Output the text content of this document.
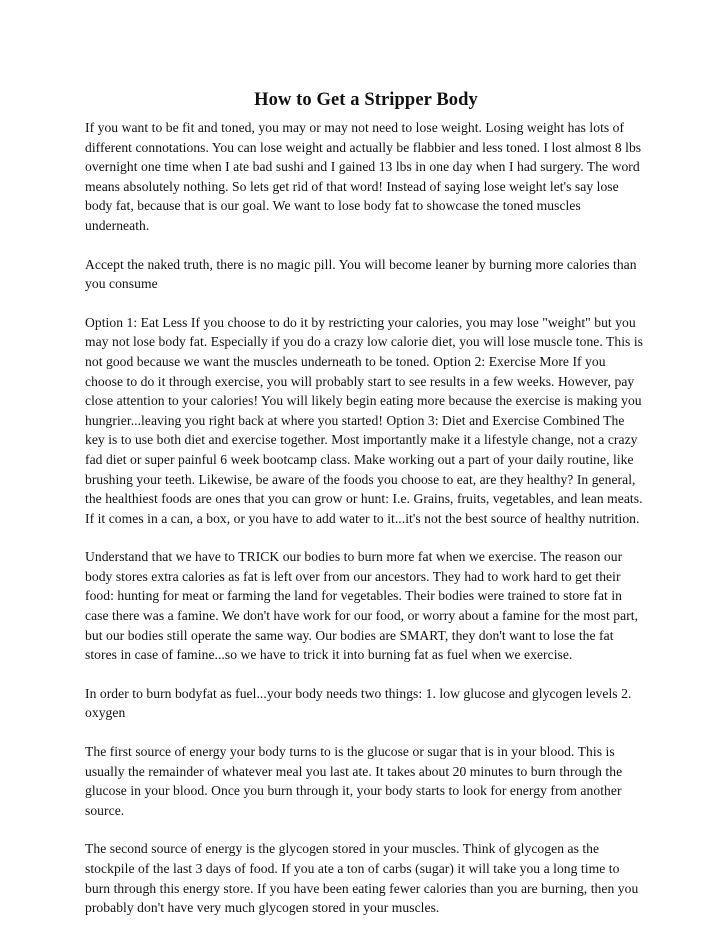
How to Get a Stripper Body

If you want to be fit and toned, you may or may not need to lose weight. Losing weight has lots of different connotations. You can lose weight and actually be flabbier and less toned. I lost almost 8 lbs overnight one time when I ate bad sushi and I gained 13 lbs in one day when I had surgery. The word means absolutely nothing. So lets get rid of that word! Instead of saying lose weight let's say lose body fat, because that is our goal. We want to lose body fat to showcase the toned muscles underneath.

Accept the naked truth, there is no magic pill. You will become leaner by burning more calories than you consume

Option 1: Eat Less If you choose to do it by restricting your calories, you may lose "weight" but you may not lose body fat. Especially if you do a crazy low calorie diet, you will lose muscle tone. This is not good because we want the muscles underneath to be toned. Option 2: Exercise More If you choose to do it through exercise, you will probably start to see results in a few weeks. However, pay close attention to your calories! You will likely begin eating more because the exercise is making you hungrier...leaving you right back at where you started! Option 3: Diet and Exercise Combined The key is to use both diet and exercise together. Most importantly make it a lifestyle change, not a crazy fad diet or super painful 6 week bootcamp class. Make working out a part of your daily routine, like brushing your teeth. Likewise, be aware of the foods you choose to eat, are they healthy? In general, the healthiest foods are ones that you can grow or hunt: I.e. Grains, fruits, vegetables, and lean meats. If it comes in a can, a box, or you have to add water to it...it's not the best source of healthy nutrition.

Understand that we have to TRICK our bodies to burn more fat when we exercise. The reason our body stores extra calories as fat is left over from our ancestors. They had to work hard to get their food: hunting for meat or farming the land for vegetables. Their bodies were trained to store fat in case there was a famine. We don't have work for our food, or worry about a famine for the most part, but our bodies still operate the same way. Our bodies are SMART, they don't want to lose the fat stores in case of famine...so we have to trick it into burning fat as fuel when we exercise.

In order to burn bodyfat as fuel...your body needs two things: 1. low glucose and glycogen levels 2. oxygen

The first source of energy your body turns to is the glucose or sugar that is in your blood. This is usually the remainder of whatever meal you last ate. It takes about 20 minutes to burn through the glucose in your blood. Once you burn through it, your body starts to look for energy from another source.

The second source of energy is the glycogen stored in your muscles. Think of glycogen as the stockpile of the last 3 days of food. If you ate a ton of carbs (sugar) it will take you a long time to burn through this energy store. If you have been eating fewer calories than you are burning, then you probably don't have very much glycogen stored in your muscles.
